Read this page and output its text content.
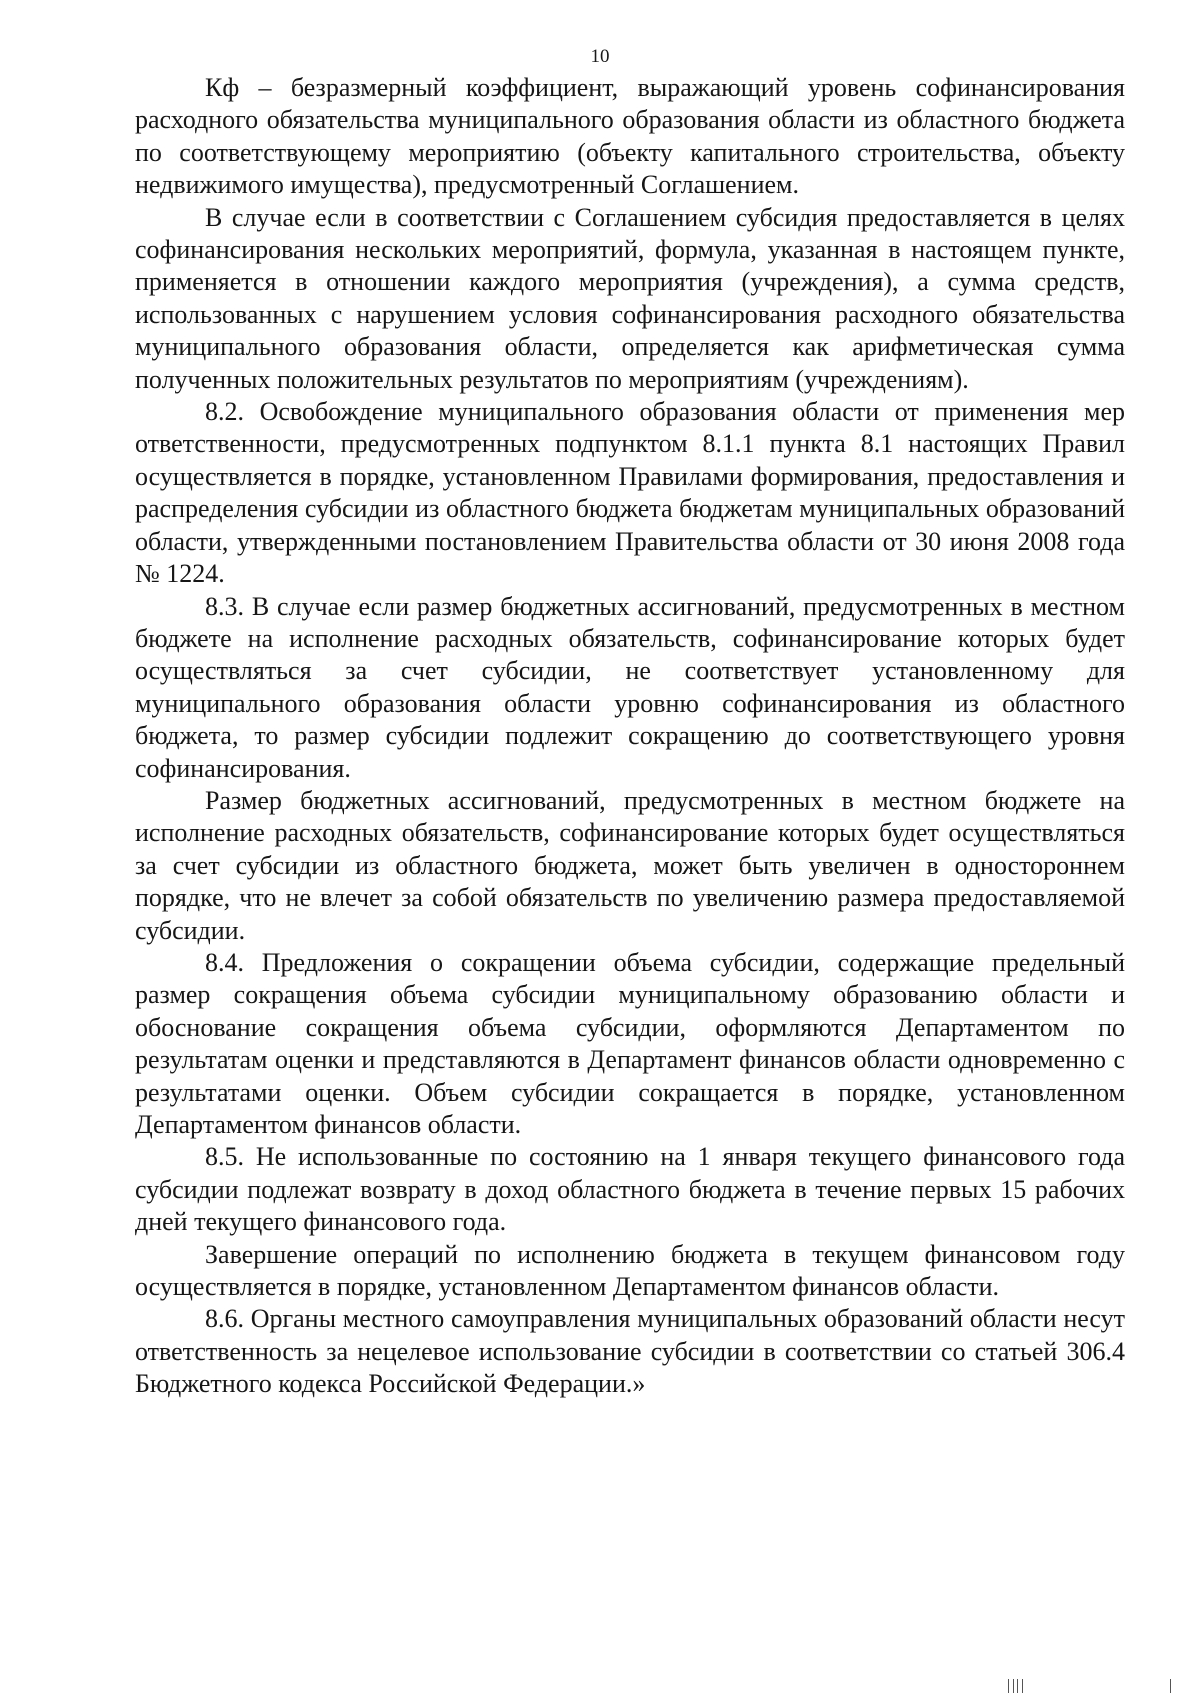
10

Кф – безразмерный коэффициент, выражающий уровень софинансирования расходного обязательства муниципального образования области из областного бюджета по соответствующему мероприятию (объекту капитального строительства, объекту недвижимого имущества), предусмотренный Соглашением.

В случае если в соответствии с Соглашением субсидия предоставляется в целях софинансирования нескольких мероприятий, формула, указанная в настоящем пункте, применяется в отношении каждого мероприятия (учреждения), а сумма средств, использованных с нарушением условия софинансирования расходного обязательства муниципального образования области, определяется как арифметическая сумма полученных положительных результатов по мероприятиям (учреждениям).

8.2. Освобождение муниципального образования области от применения мер ответственности, предусмотренных подпунктом 8.1.1 пункта 8.1 настоящих Правил осуществляется в порядке, установленном Правилами формирования, предоставления и распределения субсидии из областного бюджета бюджетам муниципальных образований области, утвержденными постановлением Правительства области от 30 июня 2008 года № 1224.

8.3. В случае если размер бюджетных ассигнований, предусмотренных в местном бюджете на исполнение расходных обязательств, софинансирование которых будет осуществляться за счет субсидии, не соответствует установленному для муниципального образования области уровню софинансирования из областного бюджета, то размер субсидии подлежит сокращению до соответствующего уровня софинансирования.

Размер бюджетных ассигнований, предусмотренных в местном бюджете на исполнение расходных обязательств, софинансирование которых будет осуществляться за счет субсидии из областного бюджета, может быть увеличен в одностороннем порядке, что не влечет за собой обязательств по увеличению размера предоставляемой субсидии.

8.4. Предложения о сокращении объема субсидии, содержащие предельный размер сокращения объема субсидии муниципальному образованию области и обоснование сокращения объема субсидии, оформляются Департаментом по результатам оценки и представляются в Департамент финансов области одновременно с результатами оценки. Объем субсидии сокращается в порядке, установленном Департаментом финансов области.

8.5. Не использованные по состоянию на 1 января текущего финансового года субсидии подлежат возврату в доход областного бюджета в течение первых 15 рабочих дней текущего финансового года.

Завершение операций по исполнению бюджета в текущем финансовом году осуществляется в порядке, установленном Департаментом финансов области.

8.6. Органы местного самоуправления муниципальных образований области несут ответственность за нецелевое использование субсидии в соответствии со статьей 306.4 Бюджетного кодекса Российской Федерации.»
